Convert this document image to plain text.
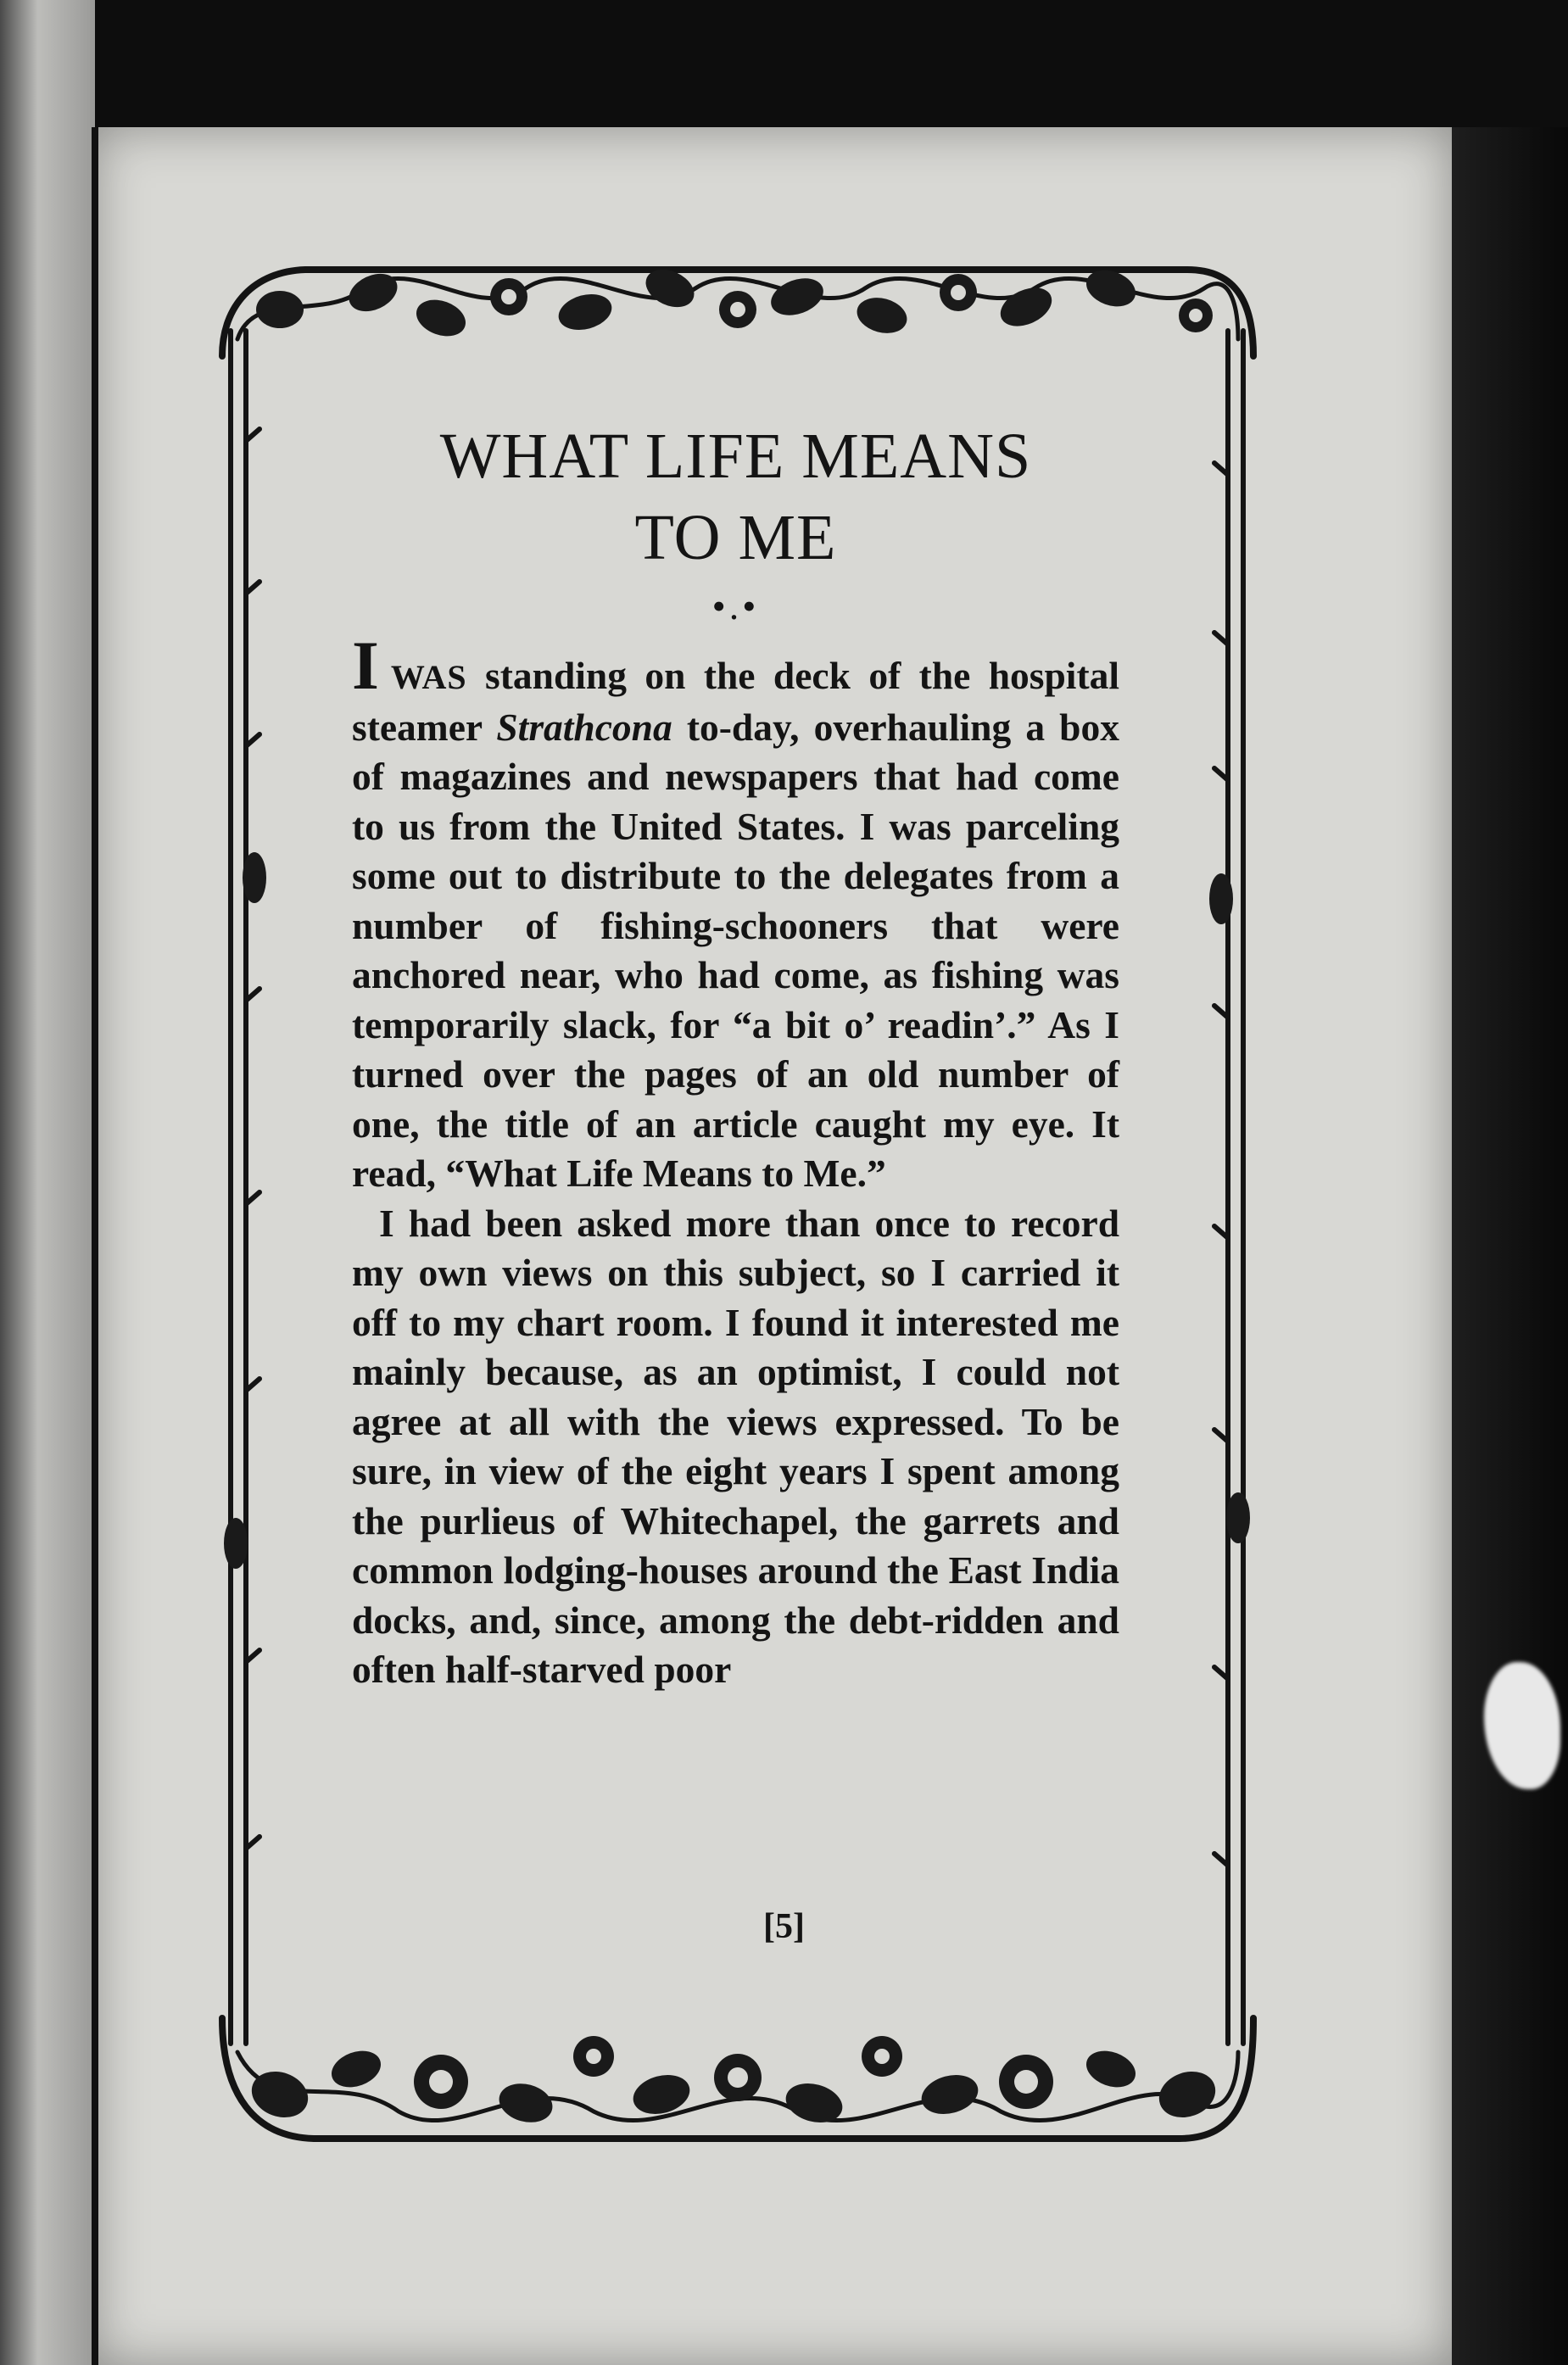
WHAT LIFE MEANS
TO ME
•.•

IWAS standing on the deck of the hospital steamer Strathcona to-day, overhauling a box of magazines and newspapers that had come to us from the United States. I was parceling some out to distribute to the delegates from a number of fishing-schooners that were anchored near, who had come, as fishing was temporarily slack, for “a bit o’ readin’.” As I turned over the pages of an old number of one, the title of an article caught my eye. It read, “What Life Means to Me.”

I had been asked more than once to record my own views on this subject, so I carried it off to my chart room. I found it interested me mainly because, as an optimist, I could not agree at all with the views expressed. To be sure, in view of the eight years I spent among the purlieus of Whitechapel, the garrets and common lodging-houses around the East India docks, and, since, among the debt-ridden and often half-starved poor

[5]
